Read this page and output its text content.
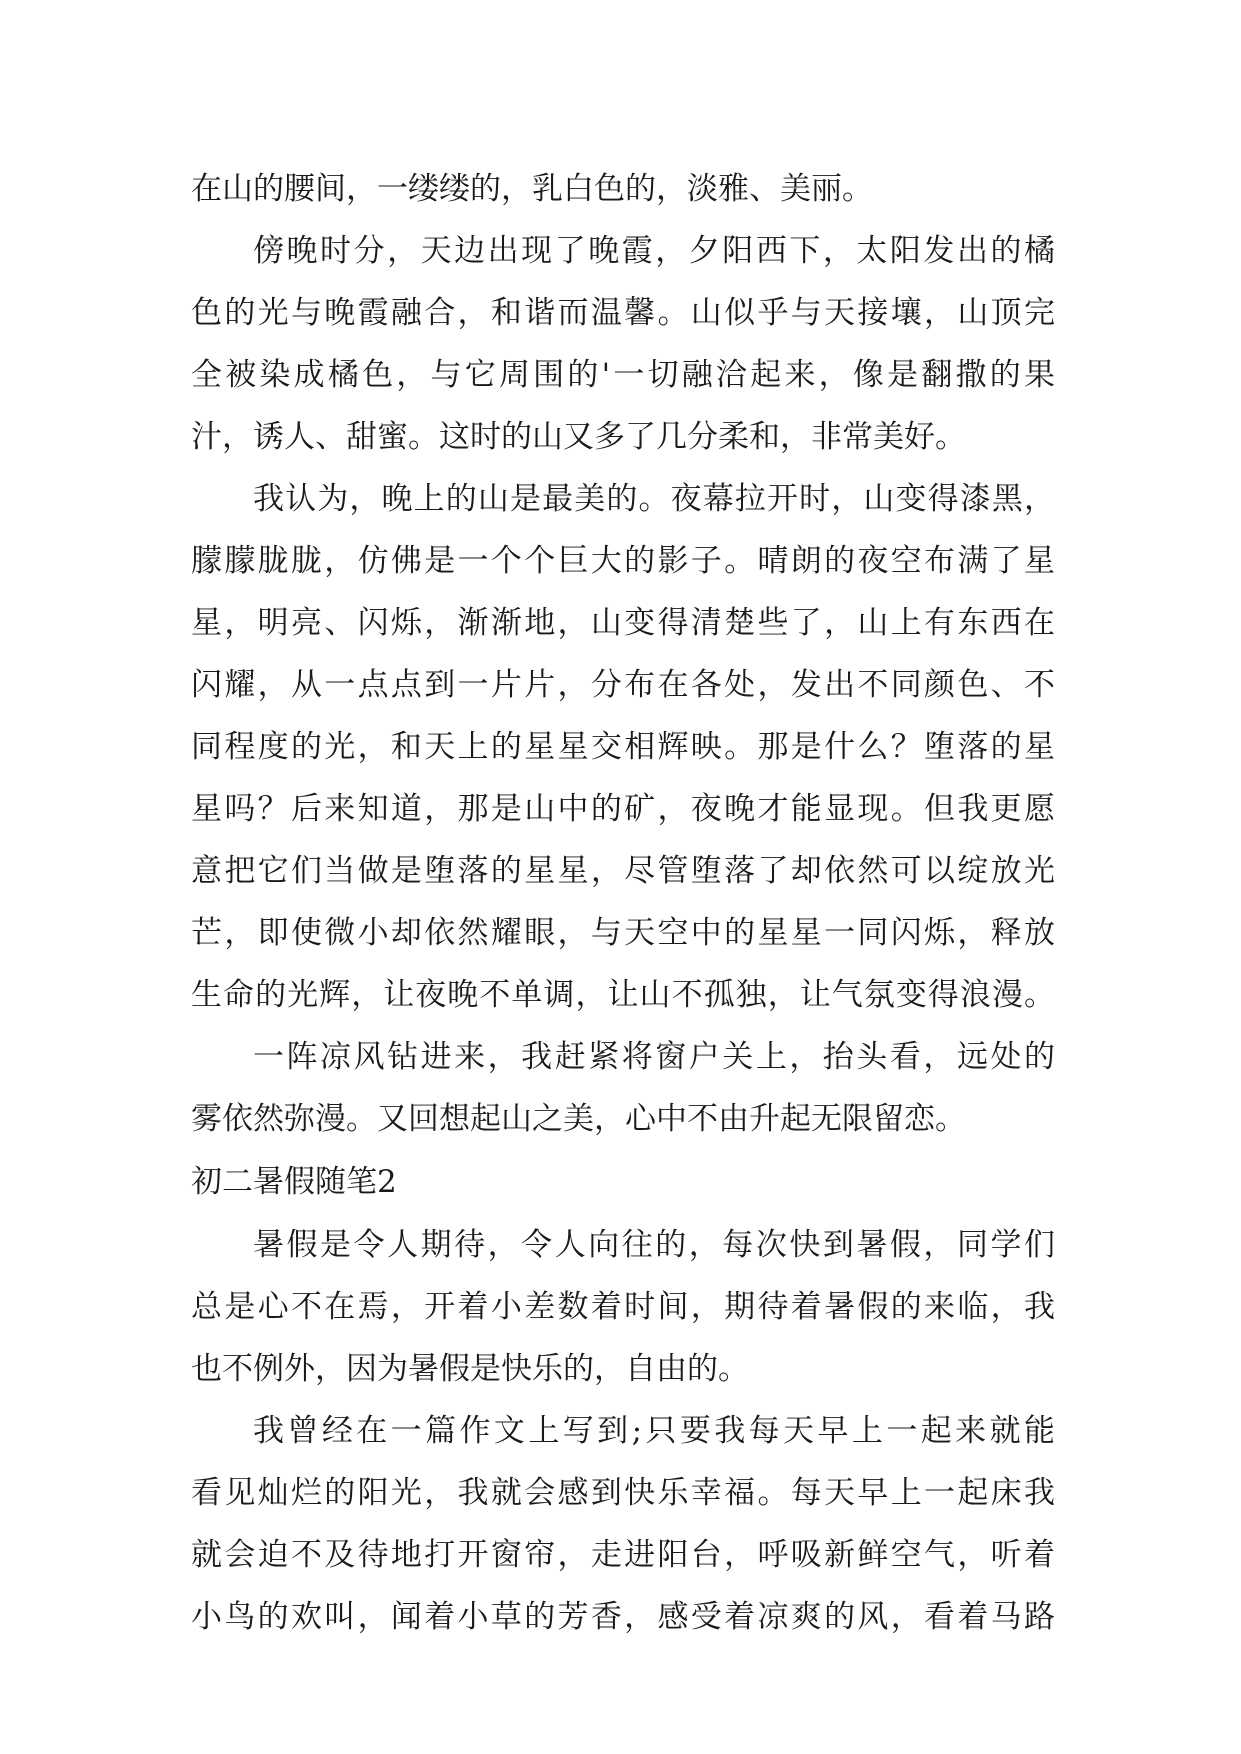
在山的腰间，一缕缕的，乳白色的，淡雅、美丽。
傍晚时分，天边出现了晚霞，夕阳西下，太阳发出的橘
色的光与晚霞融合，和谐而温馨。山似乎与天接壤，山顶完
全被染成橘色，与它周围的'一切融洽起来，像是翻撒的果
汁，诱人、甜蜜。这时的山又多了几分柔和，非常美好。
我认为，晚上的山是最美的。夜幕拉开时，山变得漆黑，
朦朦胧胧，仿佛是一个个巨大的影子。晴朗的夜空布满了星
星，明亮、闪烁，渐渐地，山变得清楚些了，山上有东西在
闪耀，从一点点到一片片，分布在各处，发出不同颜色、不
同程度的光，和天上的星星交相辉映。那是什么？堕落的星
星吗？后来知道，那是山中的矿，夜晚才能显现。但我更愿
意把它们当做是堕落的星星，尽管堕落了却依然可以绽放光
芒，即使微小却依然耀眼，与天空中的星星一同闪烁，释放
生命的光辉，让夜晚不单调，让山不孤独，让气氛变得浪漫。
一阵凉风钻进来，我赶紧将窗户关上，抬头看，远处的
雾依然弥漫。又回想起山之美，心中不由升起无限留恋。
初二暑假随笔2
暑假是令人期待，令人向往的，每次快到暑假，同学们
总是心不在焉，开着小差数着时间，期待着暑假的来临，我
也不例外，因为暑假是快乐的，自由的。
我曾经在一篇作文上写到;只要我每天早上一起来就能
看见灿烂的阳光，我就会感到快乐幸福。每天早上一起床我
就会迫不及待地打开窗帘，走进阳台，呼吸新鲜空气，听着
小鸟的欢叫，闻着小草的芳香，感受着凉爽的风，看着马路
